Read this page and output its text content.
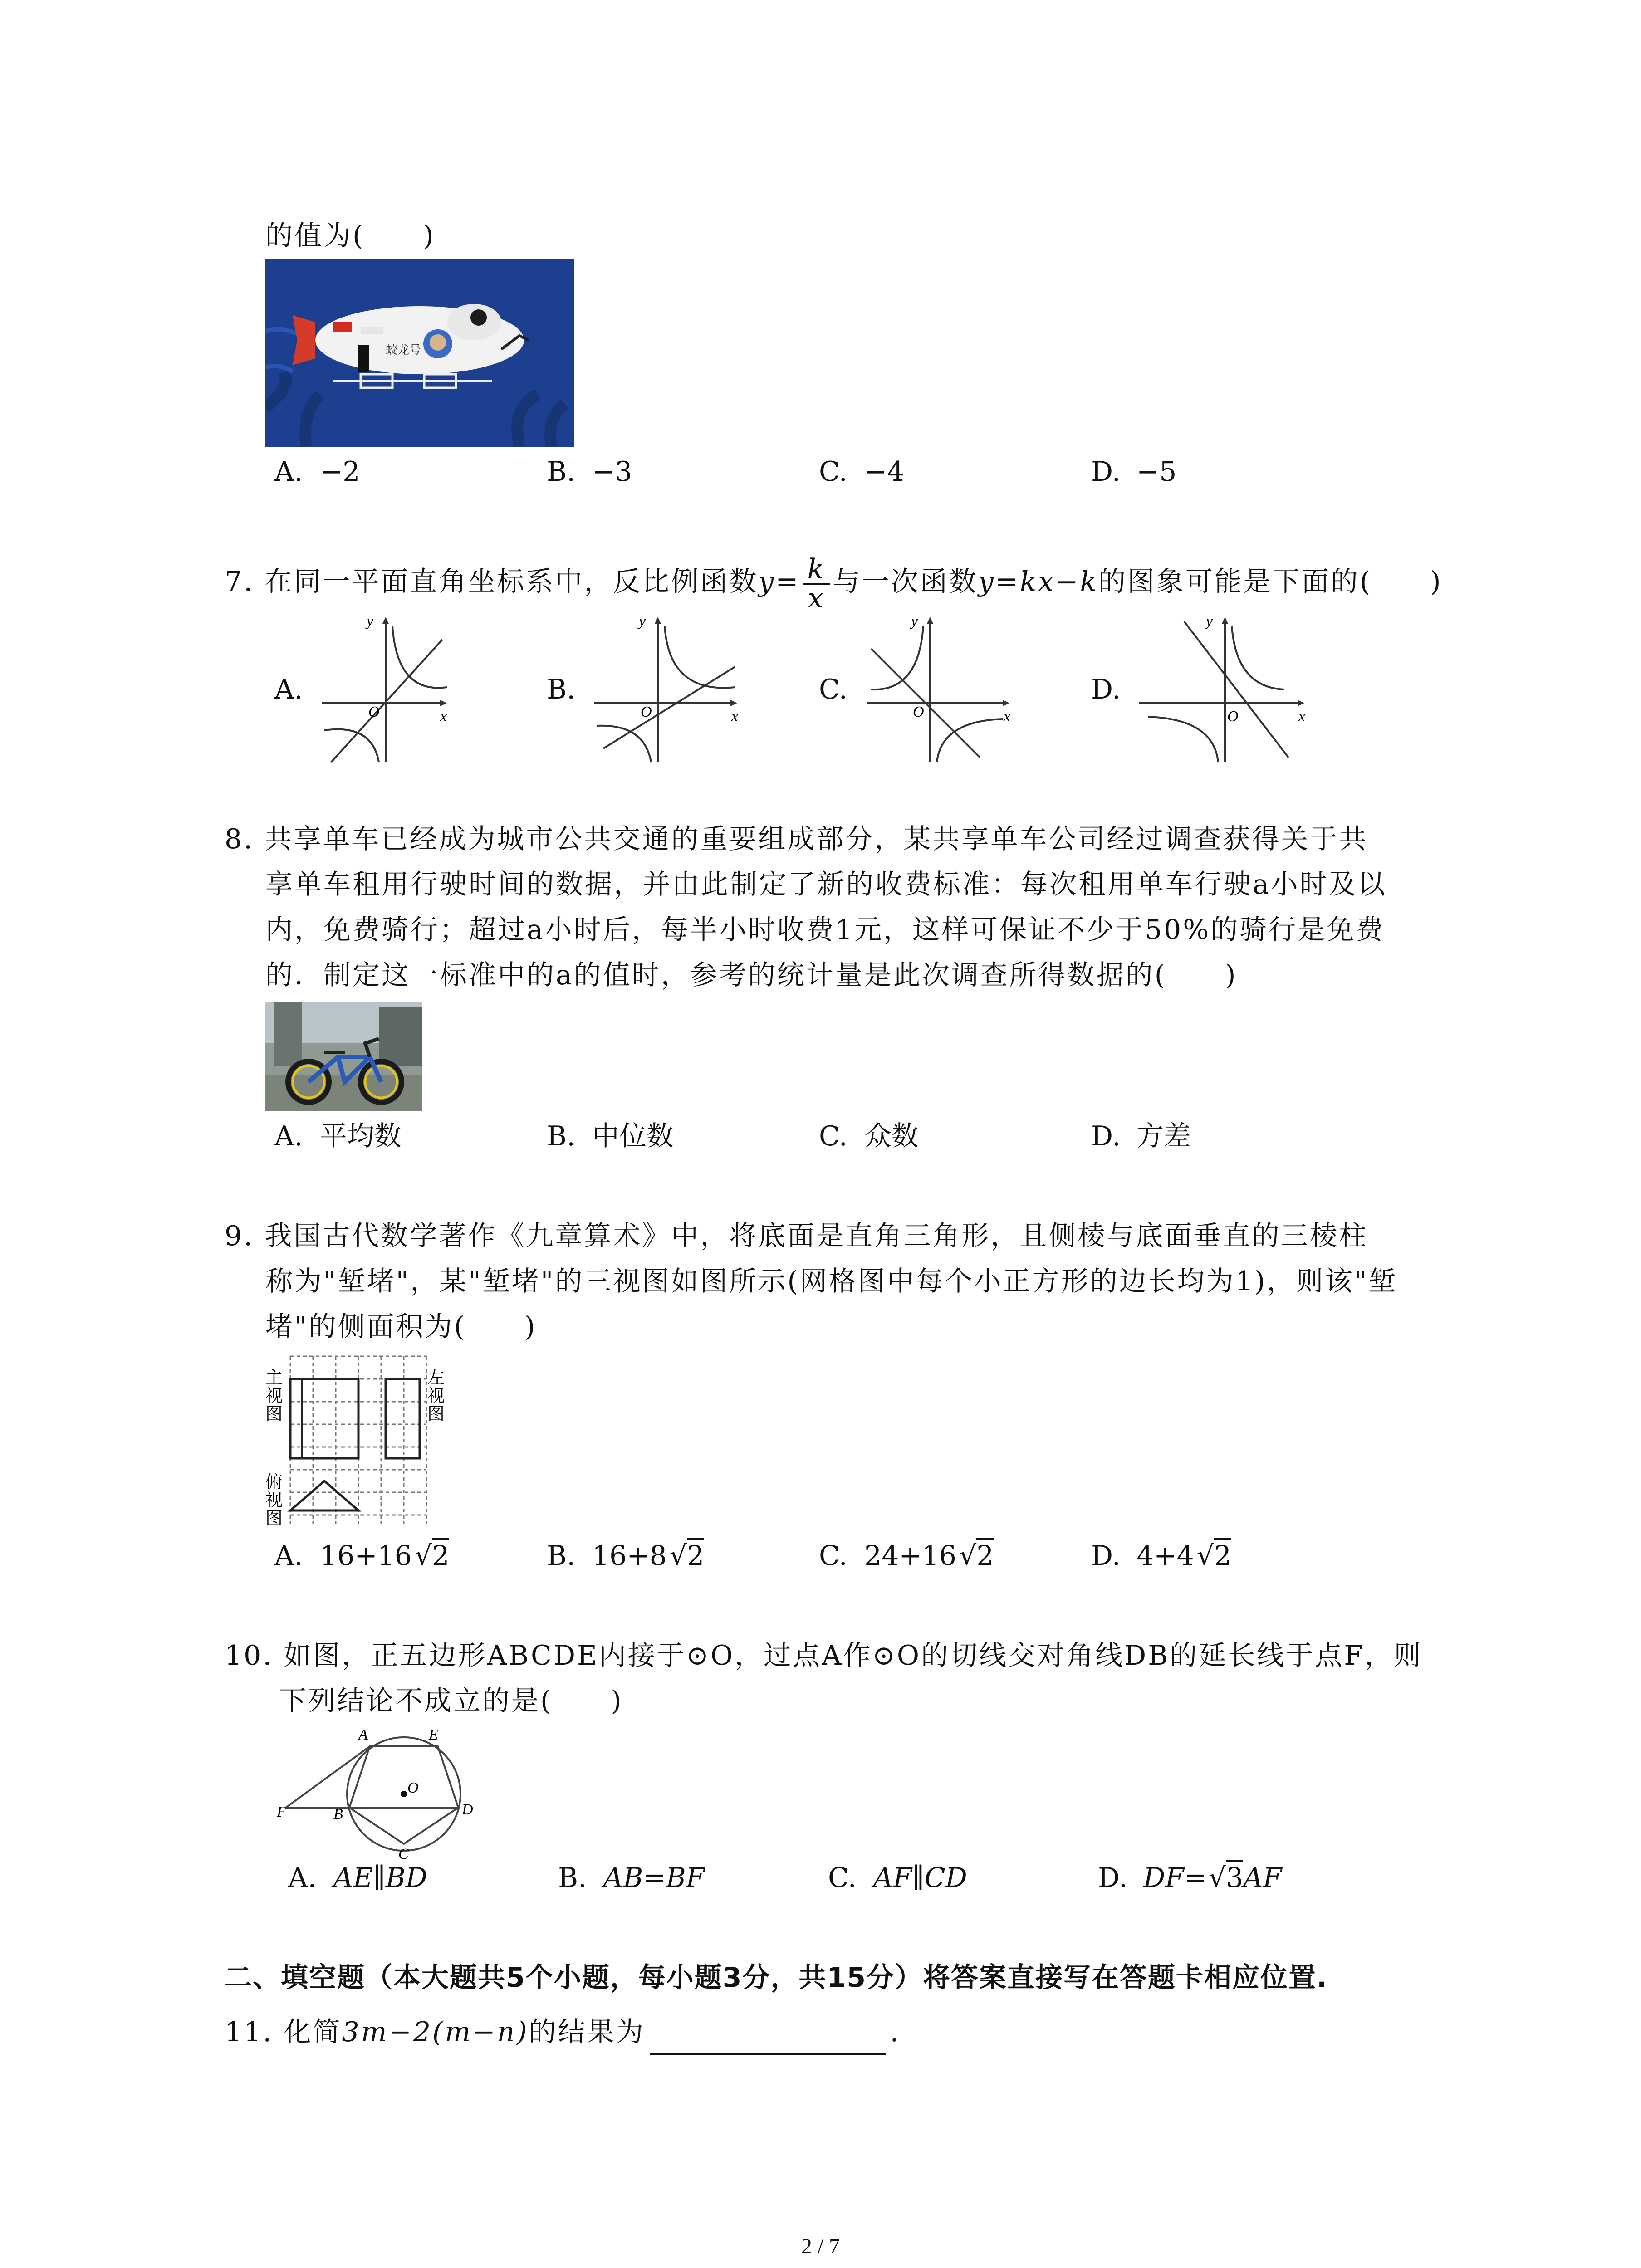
的值为(　　)
蛟龙号
A. −2	B. −3	C. −4	D. −5
7. 在同一平面直角坐标系中，反比例函数$y= \frac{k}{x}$ 与一次函数y=kx−k的图象可能是下面的(　　)
A.
O	x
y
B.
O	x
y
C.
O	x
y
D.
O	x
y
8. 共享单车已经成为城市公共交通的重要组成部分，某共享单车公司经过调查获得关于共
享单车租用行驶时间的数据，并由此制定了新的收费标准：每次租用单车行驶a小时及以
内，免费骑行；超过a小时后，每半小时收费1元，这样可保证不少于50%的骑行是免费
的．制定这一标准中的a的值时，参考的统计量是此次调查所得数据的(　　)
A. 平均数	B. 中位数	C. 众数	D. 方差
9. 我国古代数学著作《九章算术》中，将底面是直角三角形，且侧棱与底面垂直的三棱柱
称为"堑堵"，某"堑堵"的三视图如图所示(网格图中每个小正方形的边长均为1)，则该"堑
堵"的侧面积为(　　)
主
视
图
左
视
图
俯
视
图
A. 16+16 √2	B. 16+8 √2	C. 24+16 √2	D. 4+4 √2
10. 如图，正五边形ABCDE内接于⊙O，过点A作⊙O的切线交对角线DB的延长线于点F，则
下列结论不成立的是(　　)
A	E
O
F	B	D
C
A. AE∥BD	B. AB=BF	C. AF∥CD	D. DF=√3AF
二、填空题（本大题共5个小题，每小题3分，共15分）将答案直接写在答题卡相应位置.
11. 化简3m−2(m−n)的结果为	.
2 / 7
